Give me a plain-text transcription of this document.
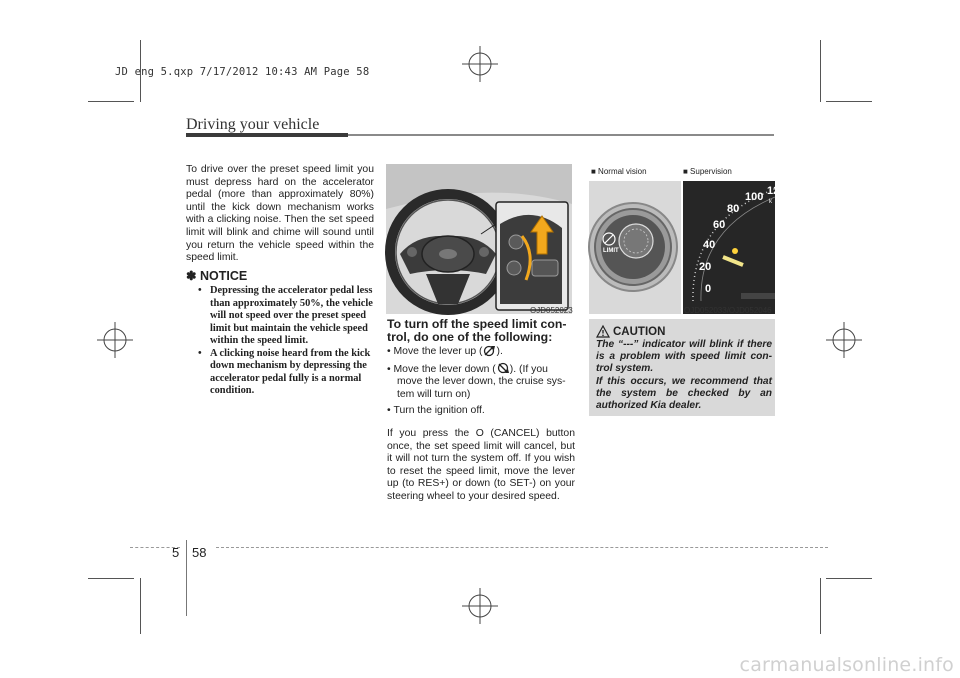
JD eng 5.qxp 7/17/2012 10:43 AM Page 58
Driving your vehicle
To drive over the preset speed limit you must depress hard on the accelerator pedal (more than approximately 80%) until the kick down mechanism works with a clicking noise. Then the set speed limit will blink and chime will sound until you return the vehicle speed within the speed limit.
✽ NOTICE
• Depressing the accelerator pedal less than approximately 50%, the vehicle will not speed over the preset speed limit but maintain the vehicle speed within the speed limit.
• A clicking noise heard from the kick down mechanism by depressing the accelerator pedal fully is a normal condition.
OJD052023
To turn off the speed limit con- trol, do one of the following:
• Move the lever up ( ).
• Move the lever down ( ). (If you move the lever down, the cruise sys- tem will turn on)
• Turn the ignition off.
If you press the O (CANCEL) button once, the set speed limit will cancel, but it will not turn the system off. If you wish to reset the speed limit, move the lever up (to RES+) or down (to SET-) on your steering wheel to your desired speed.
■ Normal vision	■ Supervision
LIMIT
0
20
40
60
80
100 12
k
OJD052033/OJD052046
CAUTION
The “---” indicator will blink if there is a problem with speed limit con- trol system.
If this occurs, we recommend that the system be checked by an authorized Kia dealer.
5 58
carmanualsonline.info
